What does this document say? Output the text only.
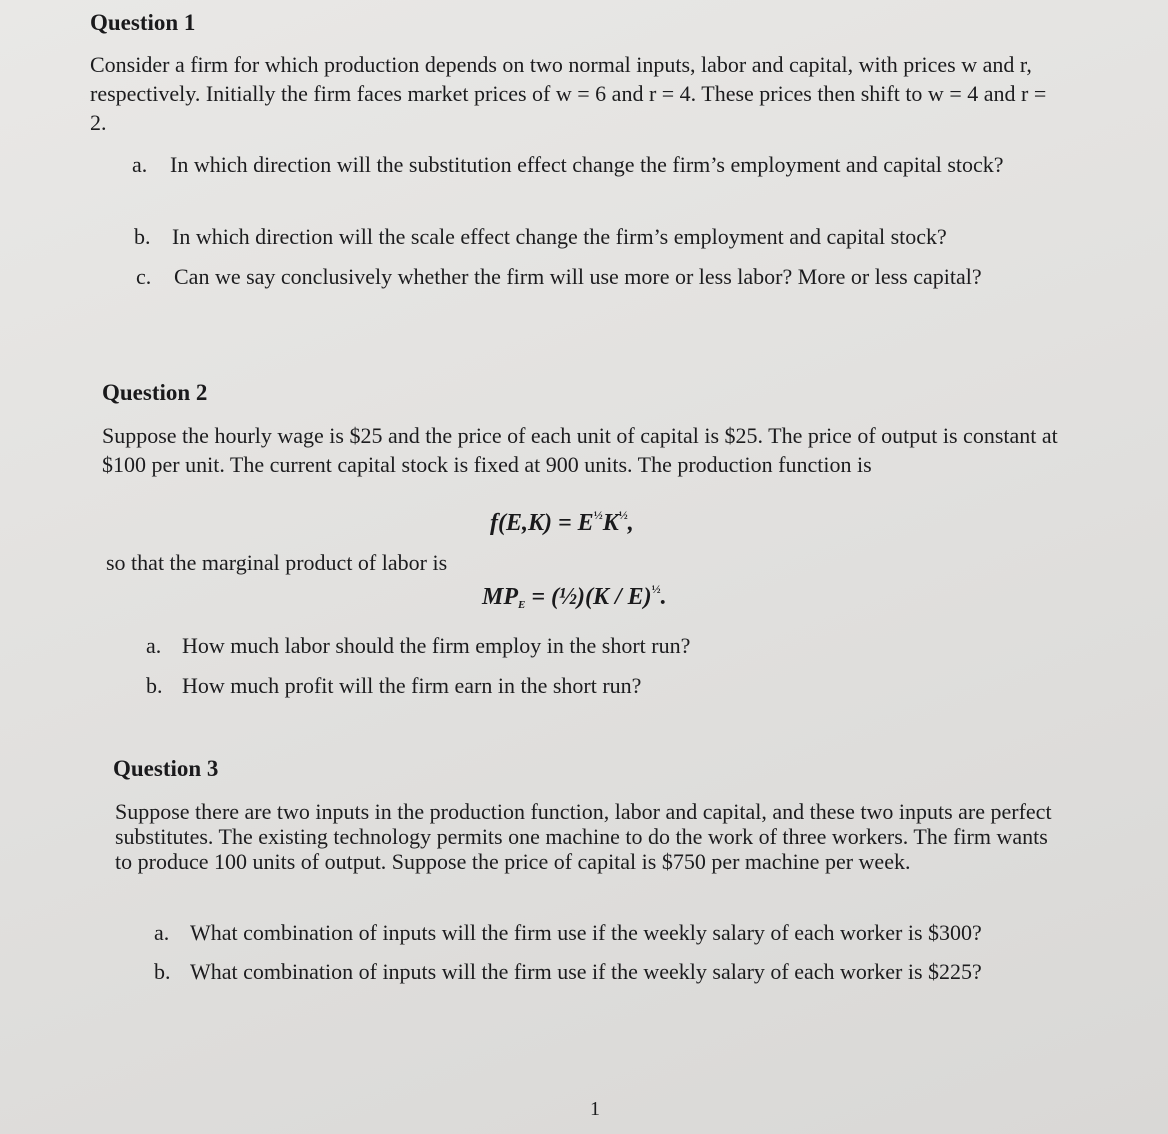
Question 1
Consider a firm for which production depends on two normal inputs, labor and capital, with prices w and r, respectively. Initially the firm faces market prices of w = 6 and r = 4. These prices then shift to w = 4 and r = 2.
a. In which direction will the substitution effect change the firm’s employment and capital stock?
b. In which direction will the scale effect change the firm’s employment and capital stock?
c. Can we say conclusively whether the firm will use more or less labor? More or less capital?
Question 2
Suppose the hourly wage is $25 and the price of each unit of capital is $25. The price of output is constant at $100 per unit. The current capital stock is fixed at 900 units. The production function is
$f(E,K) = E^{\frac{1}{2}}K^{\frac{1}{2}}$,
so that the marginal product of labor is
$MP_E$ = (½)(K / E)$^{\frac{1}{2}}$.
a. How much labor should the firm employ in the short run?
b. How much profit will the firm earn in the short run?
Question 3
Suppose there are two inputs in the production function, labor and capital, and these two inputs are perfect substitutes. The existing technology permits one machine to do the work of three workers. The firm wants to produce 100 units of output. Suppose the price of capital is $750 per machine per week.
a. What combination of inputs will the firm use if the weekly salary of each worker is $300?
b. What combination of inputs will the firm use if the weekly salary of each worker is $225?
1
